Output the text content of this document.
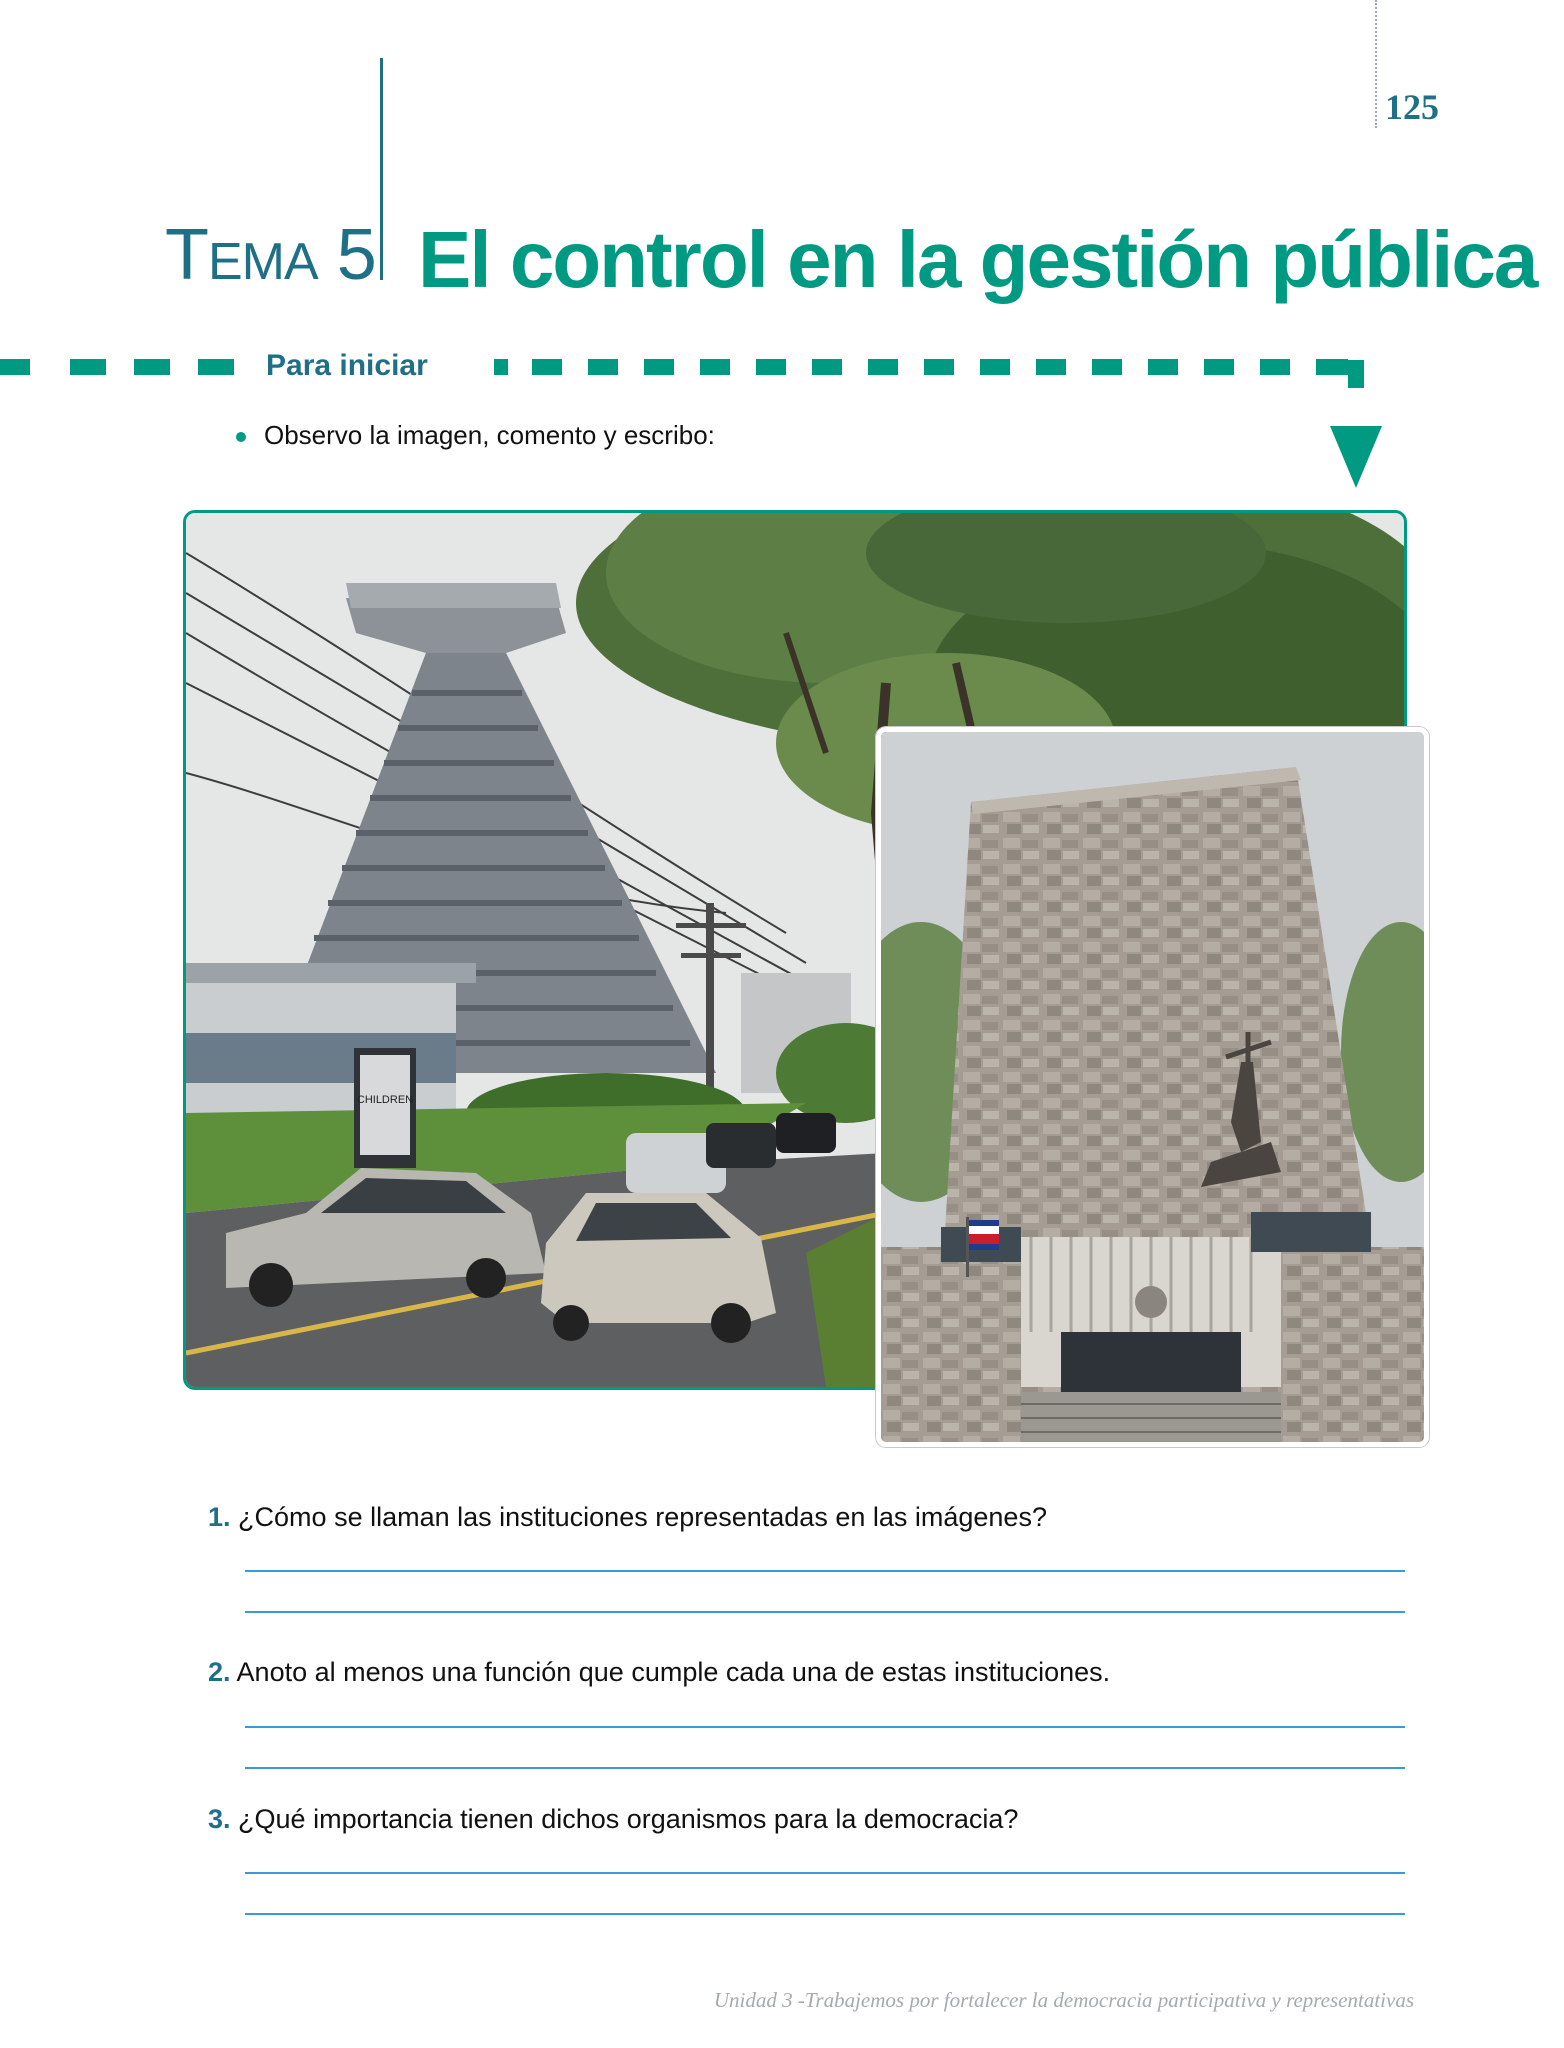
125
TEMA 5 El control en la gestión pública
Para iniciar
Observo la imagen, comento y escribo:
CHILDREN
1. ¿Cómo se llaman las instituciones representadas en las imágenes?
2. Anoto al menos una función que cumple cada una de estas instituciones.
3. ¿Qué importancia tienen dichos organismos para la democracia?
Unidad 3 -Trabajemos por fortalecer la democracia participativa y representativas
